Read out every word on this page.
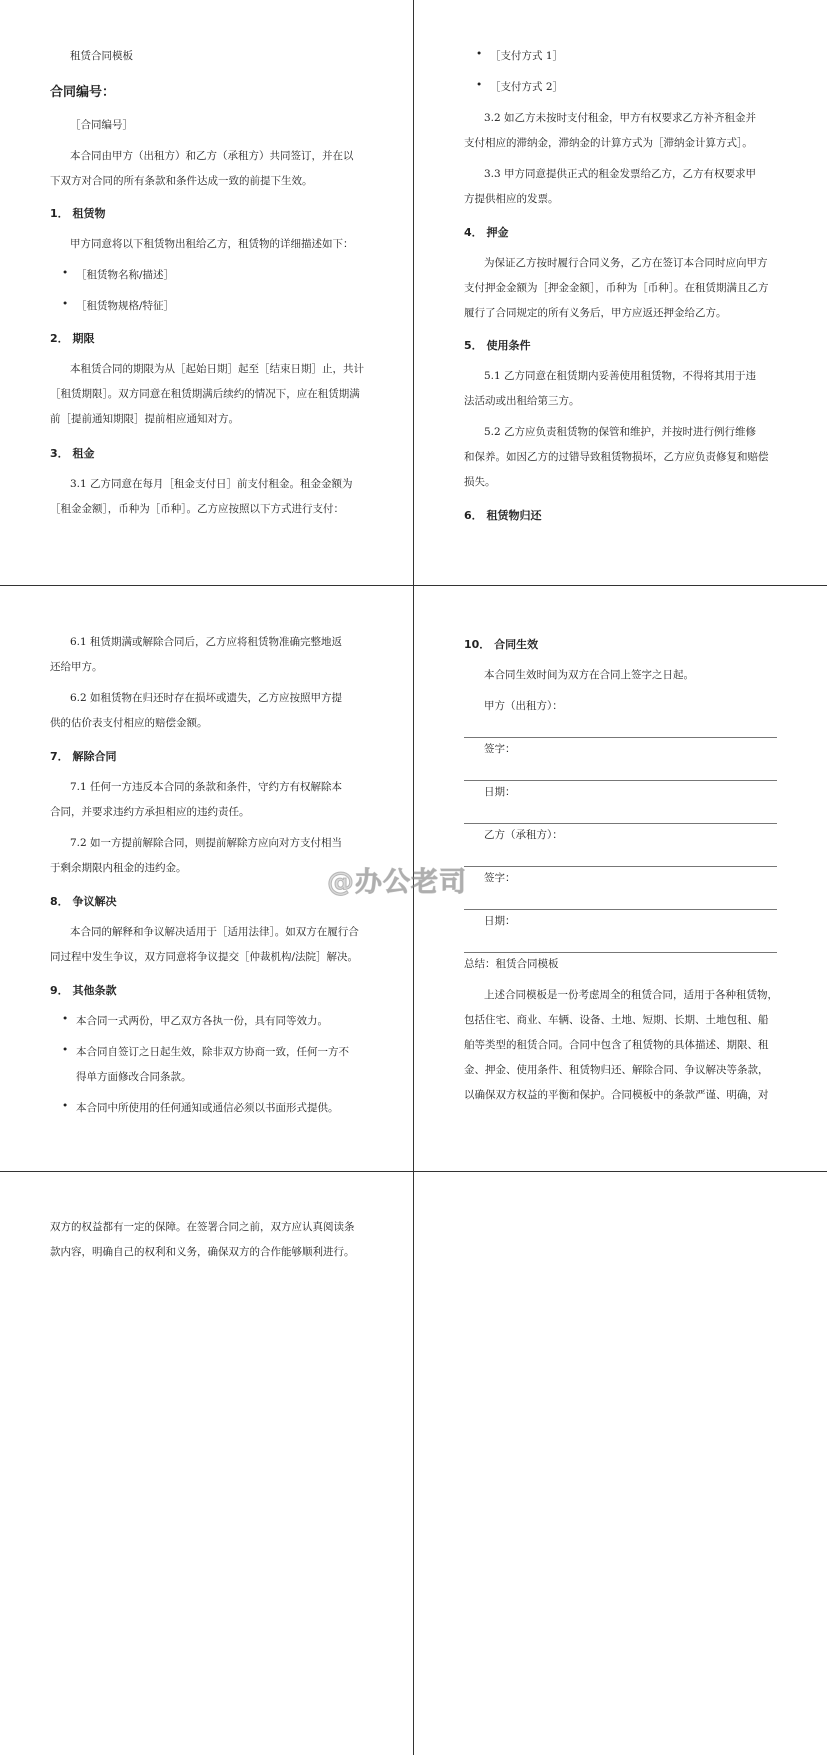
租赁合同模板

合同编号：

［合同编号］

本合同由甲方（出租方）和乙方（承租方）共同签订，并在以

下双方对合同的所有条款和条件达成一致的前提下生效。

1． 租赁物

甲方同意将以下租赁物出租给乙方，租赁物的详细描述如下：

• ［租赁物名称/描述］

• ［租赁物规格/特征］

2． 期限

本租赁合同的期限为从［起始日期］起至［结束日期］止，共计

［租赁期限］。双方同意在租赁期满后续约的情况下，应在租赁期满

前［提前通知期限］提前相应通知对方。

3． 租金

3.1 乙方同意在每月［租金支付日］前支付租金。租金金额为

［租金金额］，币种为［币种］。乙方应按照以下方式进行支付：

• ［支付方式 1］

• ［支付方式 2］

3.2 如乙方未按时支付租金，甲方有权要求乙方补齐租金并

支付相应的滞纳金，滞纳金的计算方式为［滞纳金计算方式］。

3.3 甲方同意提供正式的租金发票给乙方，乙方有权要求甲

方提供相应的发票。

4． 押金

为保证乙方按时履行合同义务，乙方在签订本合同时应向甲方

支付押金金额为［押金金额］，币种为［币种］。在租赁期满且乙方

履行了合同规定的所有义务后，甲方应返还押金给乙方。

5． 使用条件

5.1 乙方同意在租赁期内妥善使用租赁物，不得将其用于违

法活动或出租给第三方。

5.2 乙方应负责租赁物的保管和维护，并按时进行例行维修

和保养。如因乙方的过错导致租赁物损坏，乙方应负责修复和赔偿

损失。

6． 租赁物归还

6.1 租赁期满或解除合同后，乙方应将租赁物准确完整地返

还给甲方。

6.2 如租赁物在归还时存在损坏或遗失，乙方应按照甲方提

供的估价表支付相应的赔偿金额。

7． 解除合同

7.1 任何一方违反本合同的条款和条件，守约方有权解除本

合同，并要求违约方承担相应的违约责任。

7.2 如一方提前解除合同，则提前解除方应向对方支付相当

于剩余期限内租金的违约金。

8． 争议解决

本合同的解释和争议解决适用于［适用法律］。如双方在履行合

同过程中发生争议，双方同意将争议提交［仲裁机构/法院］解决。

9． 其他条款

• 本合同一式两份，甲乙双方各执一份，具有同等效力。

• 本合同自签订之日起生效，除非双方协商一致，任何一方不

得单方面修改合同条款。

• 本合同中所使用的任何通知或通信必须以书面形式提供。

10． 合同生效

本合同生效时间为双方在合同上签字之日起。

甲方（出租方）：

签字：

日期：

乙方（承租方）：

签字：

日期：

总结：租赁合同模板

上述合同模板是一份考虑周全的租赁合同，适用于各种租赁物，

包括住宅、商业、车辆、设备、土地、短期、长期、土地包租、船

舶等类型的租赁合同。合同中包含了租赁物的具体描述、期限、租

金、押金、使用条件、租赁物归还、解除合同、争议解决等条款，

以确保双方权益的平衡和保护。合同模板中的条款严谨、明确，对

双方的权益都有一定的保障。在签署合同之前，双方应认真阅读条

款内容，明确自己的权利和义务，确保双方的合作能够顺利进行。

@办公老司
